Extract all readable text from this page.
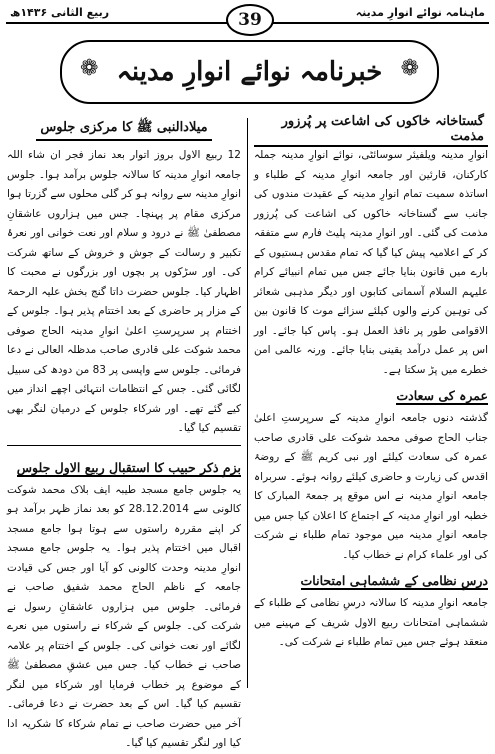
ماہنامہ نوائے انوارِ مدینہ
ربیع الثانی ۱۴۳۶ھ	39
❁ خبرنامہ نوائے انوارِ مدینہ ❁
گستاخانہ خاکوں کی اشاعت پر پُرزور مذمت

انوارِ مدینہ ویلفیئر سوسائٹی، نوائے انوارِ مدینہ جملہ کارکنان، قارئین اور جامعہ انوارِ مدینہ کے طلباء و اساتذہ سمیت تمام انوارِ مدینہ کے عقیدت مندوں کی جانب سے گستاخانہ خاکوں کی اشاعت کی پُرزور مذمت کی گئی۔ اور انوارِ مدینہ پلیٹ فارم سے متفقہ کر کے اعلامیہ پیش کیا گیا کہ تمام مقدس ہستیوں کے بارے میں قانون بنایا جائے جس میں تمام انبیائے کرام علیہم السلام آسمانی کتابوں اور دیگر مذہبی شعائر کی توہین کرنے والوں کیلئے سزائے موت کا قانون بین الاقوامی طور پر نافذ العمل ہو۔ پاس کیا جائے۔ اور اس پر عمل درآمد یقینی بنایا جائے۔ ورنہ عالمی امن خطرے میں پڑ سکتا ہے۔

عمرہ کی سعادت

گذشتہ دنوں جامعہ انوارِ مدینہ کے سرپرستِ اعلیٰ جناب الحاج صوفی محمد شوکت علی قادری صاحب عمرہ کی سعادت کیلئے اور نبی کریم ﷺ کے روضۂ اقدس کی زیارت و حاضری کیلئے روانہ ہوئے۔ سربراہ جامعہ انوارِ مدینہ نے اس موقع پر جمعۃ المبارک کا خطبہ اور انوارِ مدینہ کے اجتماع کا اعلان کیا جس میں جامعہ انوارِ مدینہ میں موجود تمام طلباء نے شرکت کی اور علماء کرام نے خطاب کیا۔

درسِ نظامی کے ششماہی امتحانات

جامعہ انوارِ مدینہ کا سالانہ درسِ نظامی کے طلباء کے ششماہی امتحانات ربیع الاول شریف کے مہینے میں منعقد ہوئے جس میں تمام طلباء نے شرکت کی۔

میلادالنبی ﷺ کا مرکزی جلوس

12 ربیع الاول بروز اتوار بعد نماز فجر ان شاء اللہ جامعہ انوارِ مدینہ کا سالانہ جلوس برآمد ہوا۔ جلوس انوارِ مدینہ سے روانہ ہو کر گلی محلوں سے گزرتا ہوا مرکزی مقام پر پہنچا۔ جس میں ہزاروں عاشقانِ مصطفیٰ ﷺ نے درود و سلام اور نعت خوانی اور نعرۂ تکبیر و رسالت کے جوش و خروش کے ساتھ شرکت کی۔ اور سڑکوں پر بچوں اور بزرگوں نے محبت کا اظہار کیا۔ جلوس حضرت داتا گنج بخش علیہ الرحمۃ کے مزار پر حاضری کے بعد اختتام پذیر ہوا۔ جلوس کے اختتام پر سرپرستِ اعلیٰ انوارِ مدینہ الحاج صوفی محمد شوکت علی قادری صاحب مدظلہ العالی نے دعا فرمائی۔ جلوس سے واپسی پر 83 من دودھ کی سبیل لگائی گئی۔ جس کے انتظامات انتہائی اچھے انداز میں کیے گئے تھے۔ اور شرکاء جلوس کے درمیان لنگر بھی تقسیم کیا گیا۔

بزمِ ذکرِ حبیب کا استقبالِ ربیع الاول جلوس

یہ جلوس جامع مسجد طیبہ ایف بلاک محمد شوکت کالونی سے 28.12.2014 کو بعد نماز ظہر برآمد ہو کر اپنے مقررہ راستوں سے ہوتا ہوا جامع مسجد اقبال میں اختتام پذیر ہوا۔ یہ جلوس جامع مسجد انوارِ مدینہ وحدت کالونی کو آیا اور جس کی قیادت جامعہ کے ناظم الحاج محمد شفیق صاحب نے فرمائی۔ جلوس میں ہزاروں عاشقانِ رسول نے شرکت کی۔ جلوس کے شرکاء نے راستوں میں نعرے لگائے اور نعت خوانی کی۔ جلوس کے اختتام پر علامہ صاحب نے خطاب کیا۔ جس میں عشقِ مصطفیٰ ﷺ کے موضوع پر خطاب فرمایا اور شرکاء میں لنگر تقسیم کیا گیا۔ اس کے بعد حضرت نے دعا فرمائی۔ آخر میں حضرت صاحب نے تمام شرکاء کا شکریہ ادا کیا اور لنگر تقسیم کیا گیا۔
